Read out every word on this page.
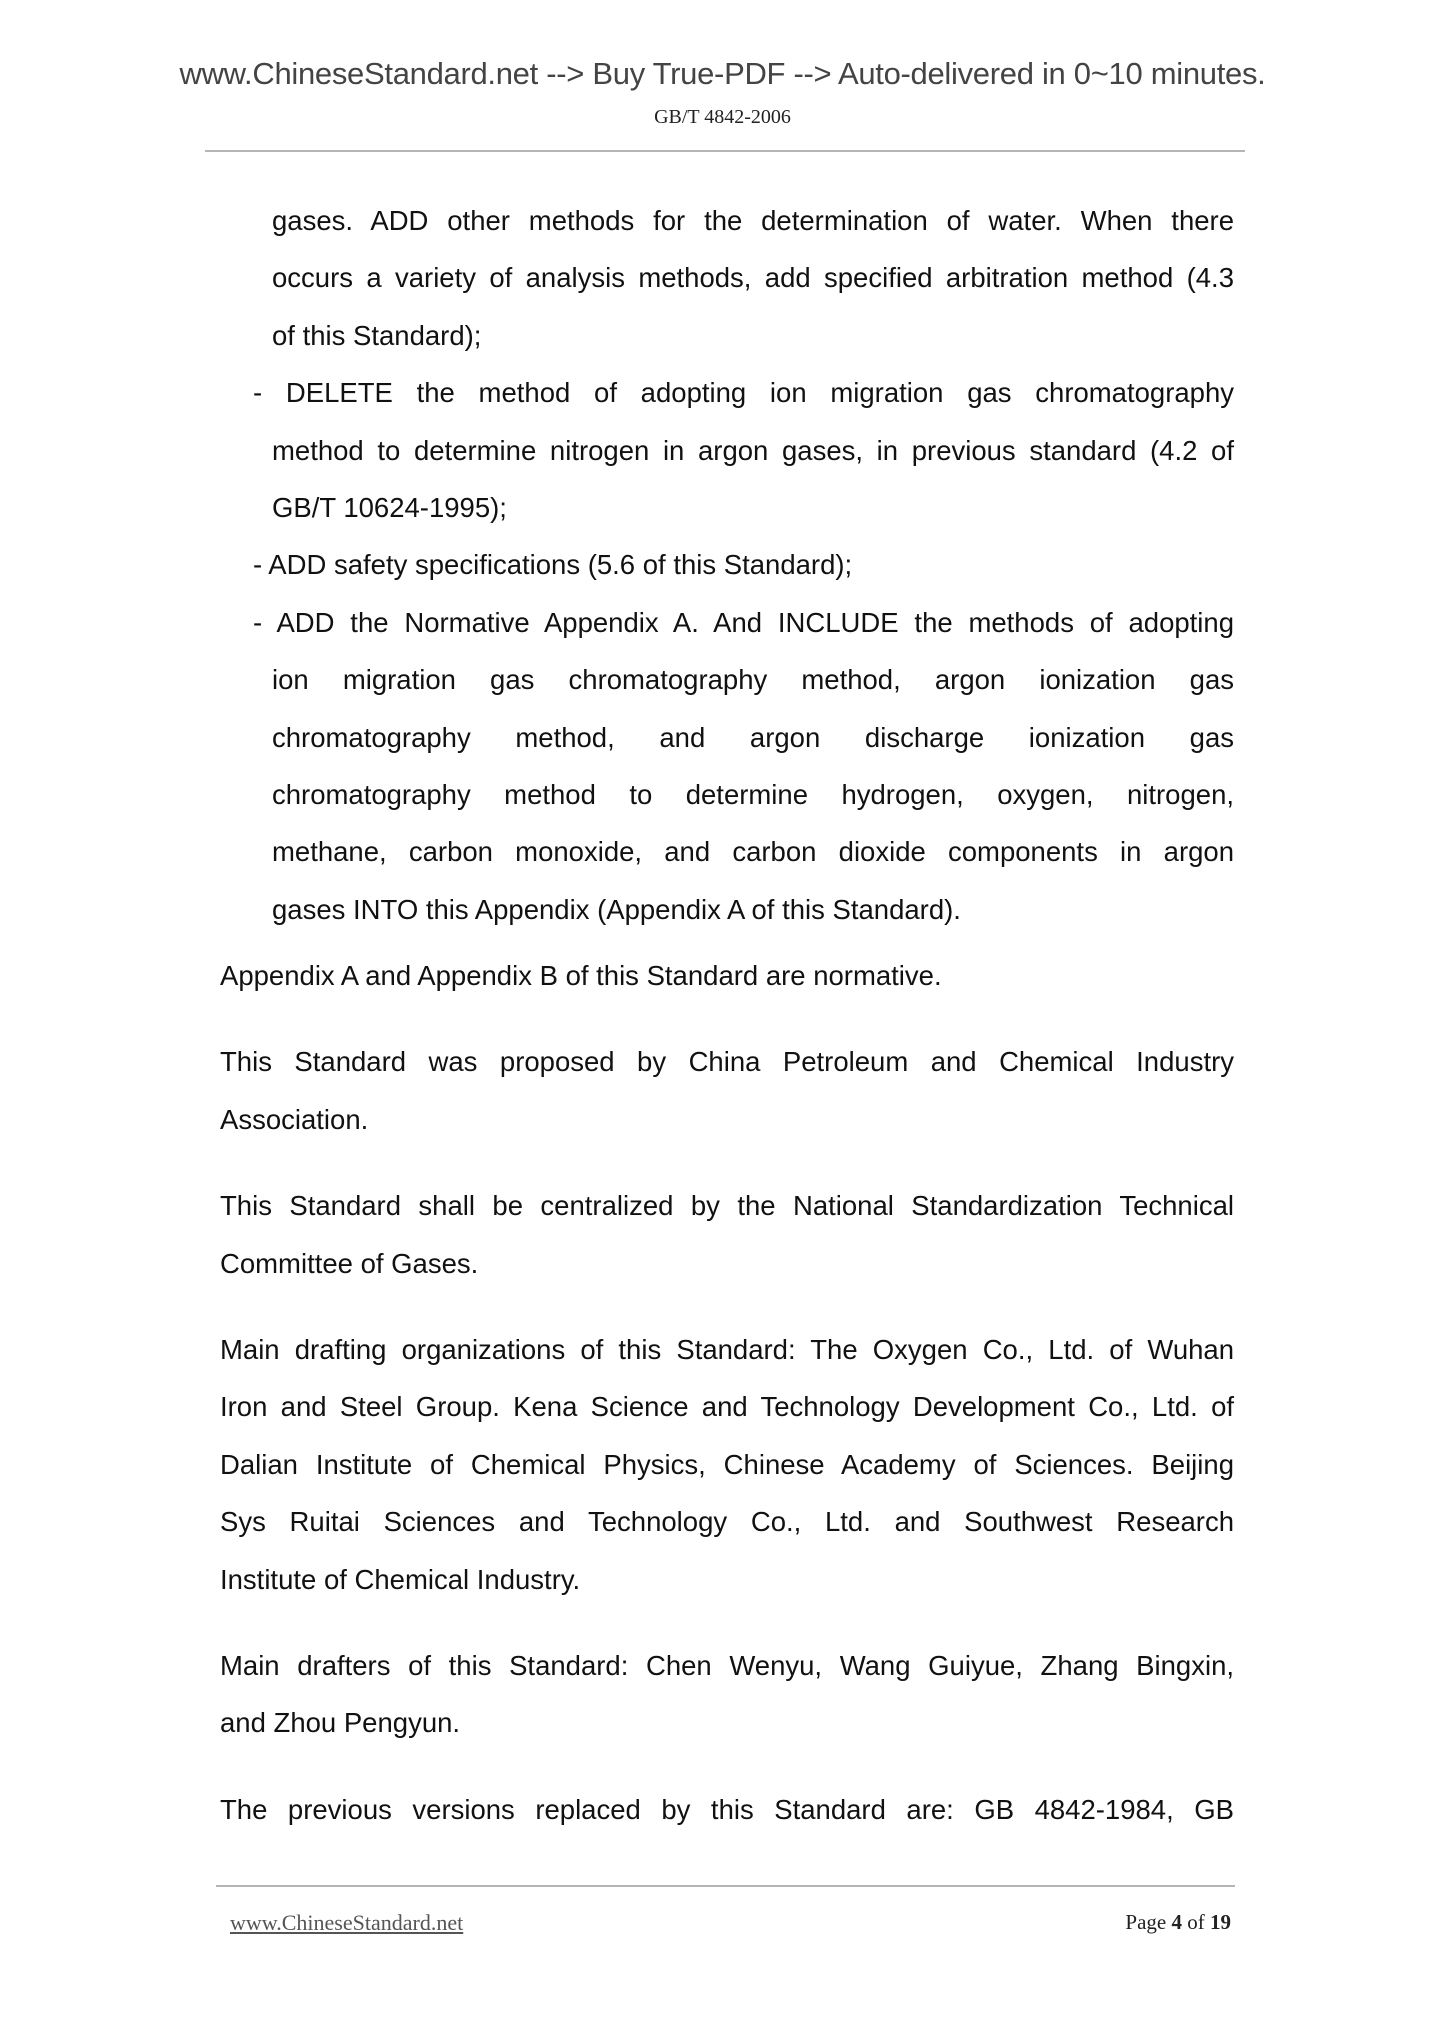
www.ChineseStandard.net --> Buy True-PDF --> Auto-delivered in 0~10 minutes.
GB/T 4842-2006
gases. ADD other methods for the determination of water. When there
occurs a variety of analysis methods, add specified arbitration method (4.3
of this Standard);
- DELETE the method of adopting ion migration gas chromatography
method to determine nitrogen in argon gases, in previous standard (4.2 of
GB/T 10624-1995);
- ADD safety specifications (5.6 of this Standard);
- ADD the Normative Appendix A. And INCLUDE the methods of adopting
ion migration gas chromatography method, argon ionization gas
chromatography method, and argon discharge ionization gas
chromatography method to determine hydrogen, oxygen, nitrogen,
methane, carbon monoxide, and carbon dioxide components in argon
gases INTO this Appendix (Appendix A of this Standard).
Appendix A and Appendix B of this Standard are normative.
This Standard was proposed by China Petroleum and Chemical Industry
Association.
This Standard shall be centralized by the National Standardization Technical
Committee of Gases.
Main drafting organizations of this Standard: The Oxygen Co., Ltd. of Wuhan
Iron and Steel Group. Kena Science and Technology Development Co., Ltd. of
Dalian Institute of Chemical Physics, Chinese Academy of Sciences. Beijing
Sys Ruitai Sciences and Technology Co., Ltd. and Southwest Research
Institute of Chemical Industry.
Main drafters of this Standard: Chen Wenyu, Wang Guiyue, Zhang Bingxin,
and Zhou Pengyun.
The previous versions replaced by this Standard are: GB 4842-1984, GB
www.ChineseStandard.net	Page 4 of 19
